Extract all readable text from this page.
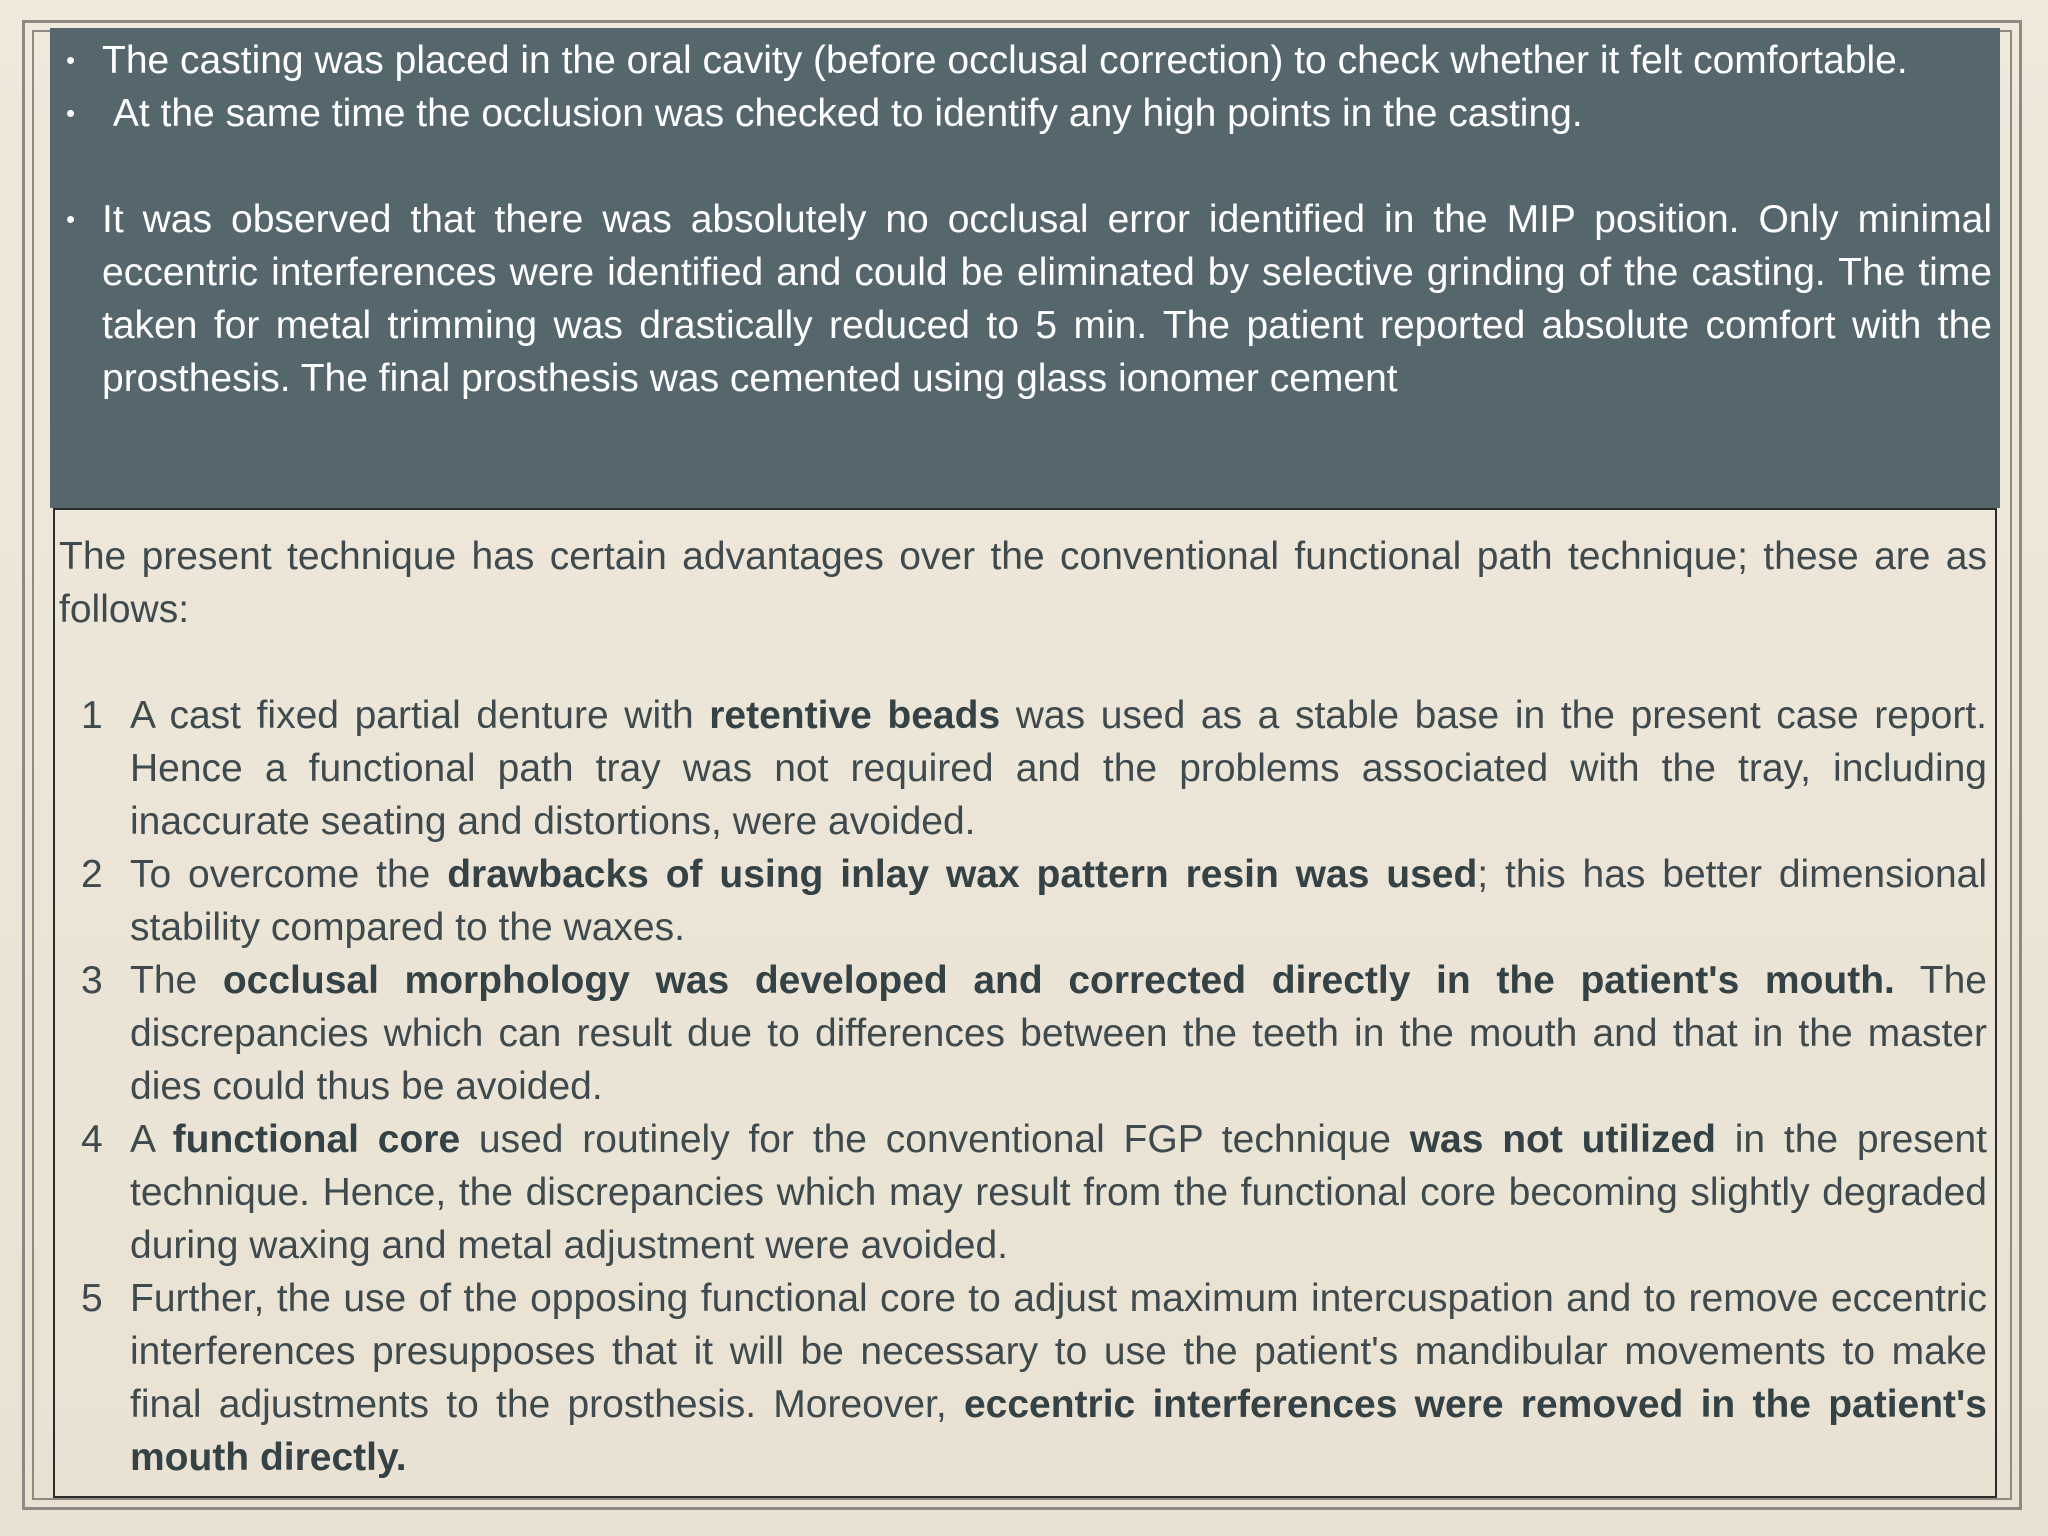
• The casting was placed in the oral cavity (before occlusal correction) to check whether it felt comfortable.
• At the same time the occlusion was checked to identify any high points in the casting.
• It was observed that there was absolutely no occlusal error identified in the MIP position. Only minimal eccentric interferences were identified and could be eliminated by selective grinding of the casting. The time taken for metal trimming was drastically reduced to 5 min. The patient reported absolute comfort with the prosthesis. The final prosthesis was cemented using glass ionomer cement

The present technique has certain advantages over the conventional functional path technique; these are as follows:

1 A cast fixed partial denture with retentive beads was used as a stable base in the present case report. Hence a functional path tray was not required and the problems associated with the tray, including inaccurate seating and distortions, were avoided.
2 To overcome the drawbacks of using inlay wax pattern resin was used; this has better dimensional stability compared to the waxes.
3 The occlusal morphology was developed and corrected directly in the patient's mouth. The discrepancies which can result due to differences between the teeth in the mouth and that in the master dies could thus be avoided.
4 A functional core used routinely for the conventional FGP technique was not utilized in the present technique. Hence, the discrepancies which may result from the functional core becoming slightly degraded during waxing and metal adjustment were avoided.
5 Further, the use of the opposing functional core to adjust maximum intercuspation and to remove eccentric interferences presupposes that it will be necessary to use the patient's mandibular movements to make final adjustments to the prosthesis. Moreover, eccentric interferences were removed in the patient's mouth directly.
